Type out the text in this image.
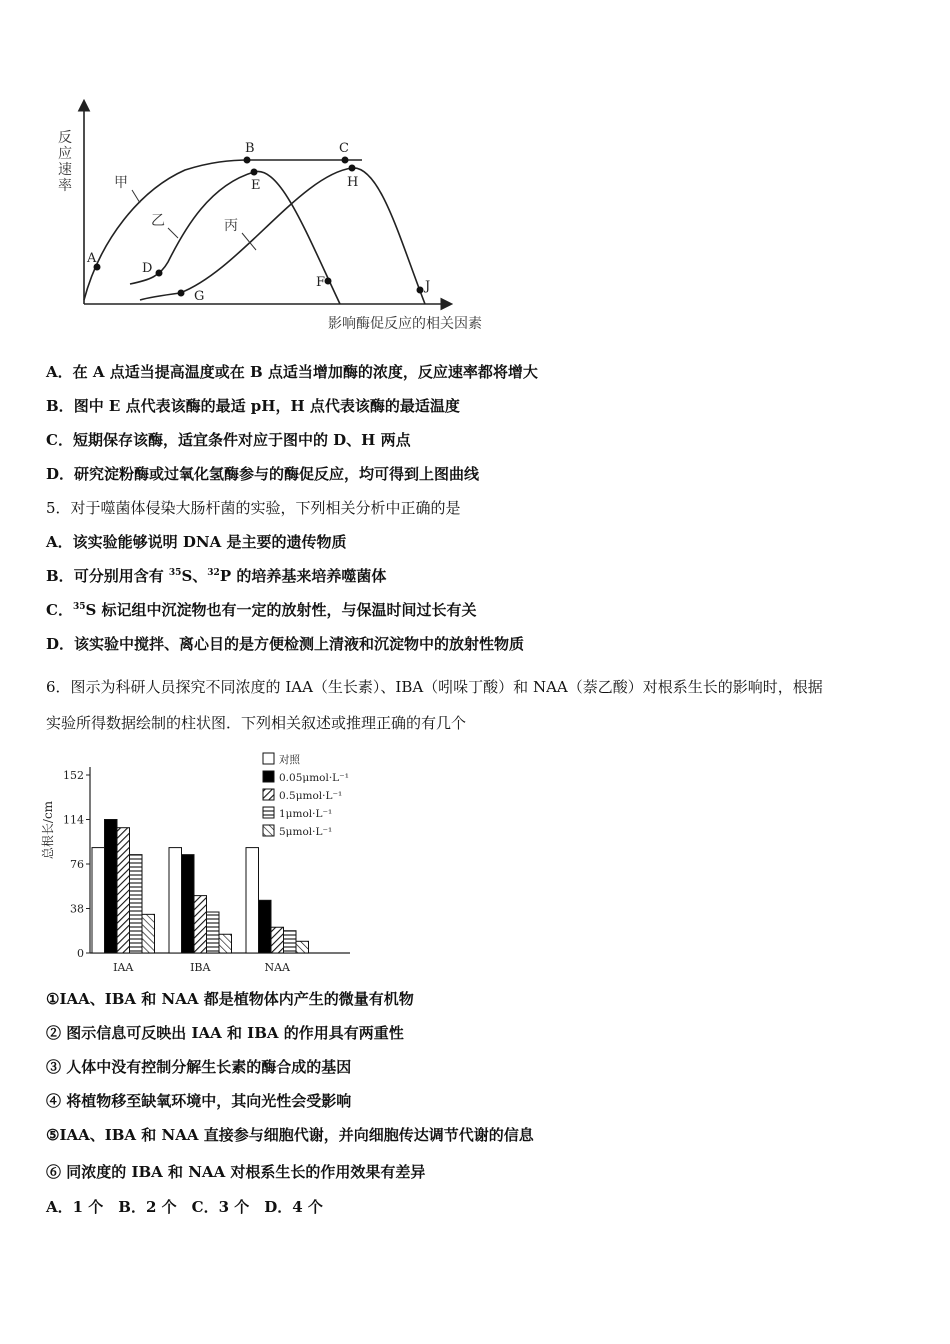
反 应 速 率
影响酶促反应的相关因素
甲
乙	丙
A
B	C
D
E
F
G
H
J
A．在 A 点适当提高温度或在 B 点适当增加酶的浓度，反应速率都将增大
B．图中 E 点代表该酶的最适 pH，H 点代表该酶的最适温度
C．短期保存该酶，适宜条件对应于图中的 D、H 两点
D．研究淀粉酶或过氧化氢酶参与的酶促反应，均可得到上图曲线
5．对于噬菌体侵染大肠杆菌的实验，下列相关分析中正确的是
A．该实验能够说明 DNA 是主要的遗传物质
B．可分别用含有 $^{35}$S、$^{32}$P 的培养基来培养噬菌体
C．$^{35}$S 标记组中沉淀物也有一定的放射性，与保温时间过长有关
D．该实验中搅拌、离心目的是方便检测上清液和沉淀物中的放射性物质
6．图示为科研人员探究不同浓度的 IAA（生长素）、IBA（吲哚丁酸）和 NAA（萘乙酸）对根系生长的影响时，根据
实验所得数据绘制的柱状图．下列相关叙述或推理正确的有几个
0
38
76
114
152
IAA	IBA	NAA
对照
0.05μmol·L⁻¹
0.5μmol·L⁻¹
1μmol·L⁻¹
5μmol·L⁻¹
总根长/cm
①IAA、IBA 和 NAA 都是植物体内产生的微量有机物
② 图示信息可反映出 IAA 和 IBA 的作用具有两重性
③ 人体中没有控制分解生长素的酶合成的基因
④ 将植物移至缺氧环境中，其向光性会受影响
⑤IAA、IBA 和 NAA 直接参与细胞代谢，并向细胞传达调节代谢的信息
⑥ 同浓度的 IBA 和 NAA 对根系生长的作用效果有差异
A．1 个　B．2 个　C．3 个　D．4 个
